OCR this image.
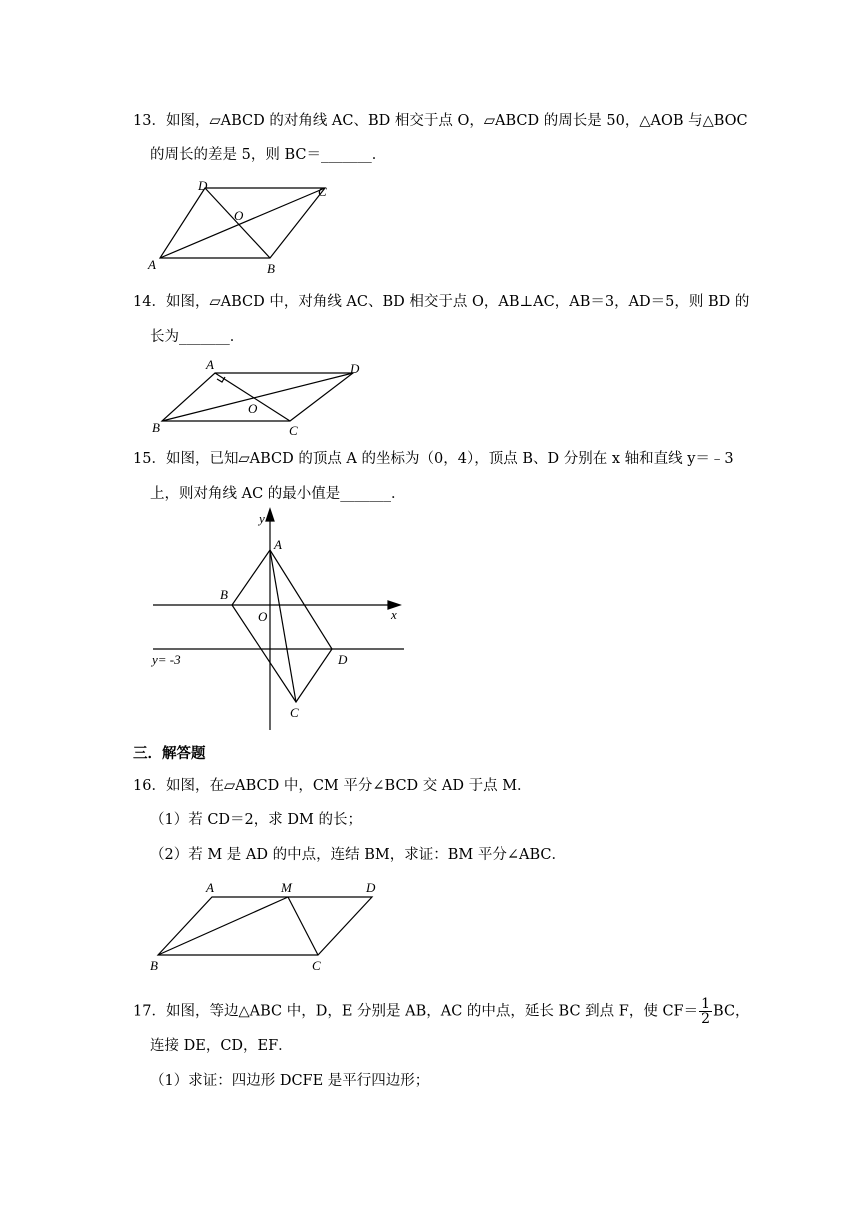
13．如图，▱ABCD 的对角线 AC、BD 相交于点 O，▱ABCD 的周长是 50，△AOB 与△BOC
的周长的差是 5，则 BC＝_______．
A	B
C
D
O
14．如图，▱ABCD 中，对角线 AC、BD 相交于点 O，AB⊥AC，AB＝3，AD＝5，则 BD 的
长为_______．
A
B	C
D
O
15．如图，已知▱ABCD 的顶点 A 的坐标为（0，4），顶点 B、D 分别在 x 轴和直线 y＝﹣3
上，则对角线 AC 的最小值是_______．
A
B
C
D
O	x
y
y= -3
三．解答题
16．如图，在▱ABCD 中，CM 平分∠BCD 交 AD 于点 M．
（1）若 CD＝2，求 DM 的长；
（2）若 M 是 AD 的中点，连结 BM，求证：BM 平分∠ABC．
A
B	C
D
M
17．如图，等边△ABC 中，D，E 分别是 AB，AC 的中点，延长 BC 到点 F，使 $CF= \frac{1}{2}$ BC，
连接 DE，CD，EF．
（1）求证：四边形 DCFE 是平行四边形；
